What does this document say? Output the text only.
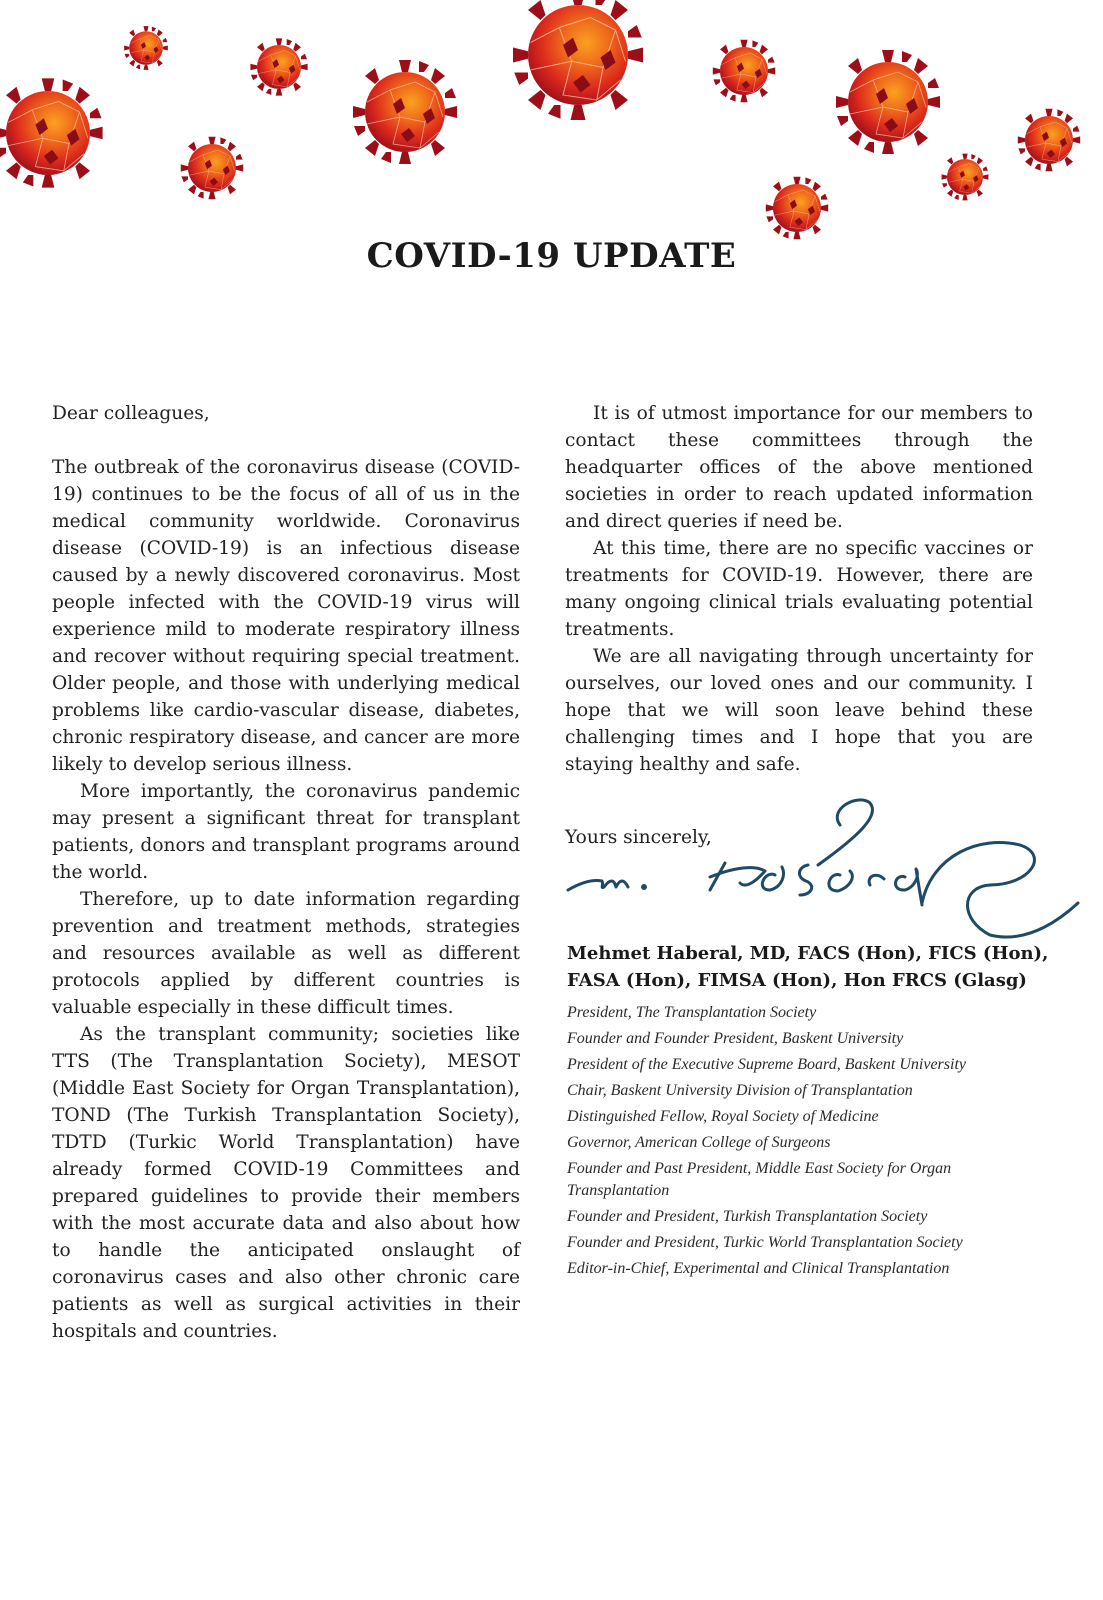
COVID-19 UPDATE

Dear colleagues,

The outbreak of the coronavirus disease (COVID-19) continues to be the focus of all of us in the medical community worldwide. Coronavirus disease (COVID-19) is an infectious disease caused by a newly discovered coronavirus. Most people infected with the COVID-19 virus will experience mild to moderate respiratory illness and recover without requiring special treatment. Older people, and those with underlying medical problems like cardio-vascular disease, diabetes, chronic respiratory disease, and cancer are more likely to develop serious illness.

More importantly, the coronavirus pandemic may present a significant threat for transplant patients, donors and transplant programs around the world.

Therefore, up to date information regarding prevention and treatment methods, strategies and resources available as well as different protocols applied by different countries is valuable especially in these difficult times.

As the transplant community; societies like TTS (The Transplantation Society), MESOT (Middle East Society for Organ Transplantation), TOND (The Turkish Transplantation Society), TDTD (Turkic World Transplantation) have already formed COVID-19 Committees and prepared guidelines to provide their members with the most accurate data and also about how to handle the anticipated onslaught of coronavirus cases and also other chronic care patients as well as surgical activities in their hospitals and countries.

It is of utmost importance for our members to contact these committees through the headquarter offices of the above mentioned societies in order to reach updated information and direct queries if need be.

At this time, there are no specific vaccines or treatments for COVID-19. However, there are many ongoing clinical trials evaluating potential treatments.

We are all navigating through uncertainty for ourselves, our loved ones and our community. I hope that we will soon leave behind these challenging times and I hope that you are staying healthy and safe.

Yours sincerely,
Mehmet Haberal, MD, FACS (Hon), FICS (Hon),
FASA (Hon), FIMSA (Hon), Hon FRCS (Glasg)
President, The Transplantation Society
Founder and Founder President, Baskent University
President of the Executive Supreme Board, Baskent University
Chair, Baskent University Division of Transplantation
Distinguished Fellow, Royal Society of Medicine
Governor, American College of Surgeons
Founder and Past President, Middle East Society for Organ Transplantation
Founder and President, Turkish Transplantation Society
Founder and President, Turkic World Transplantation Society
Editor-in-Chief, Experimental and Clinical Transplantation
